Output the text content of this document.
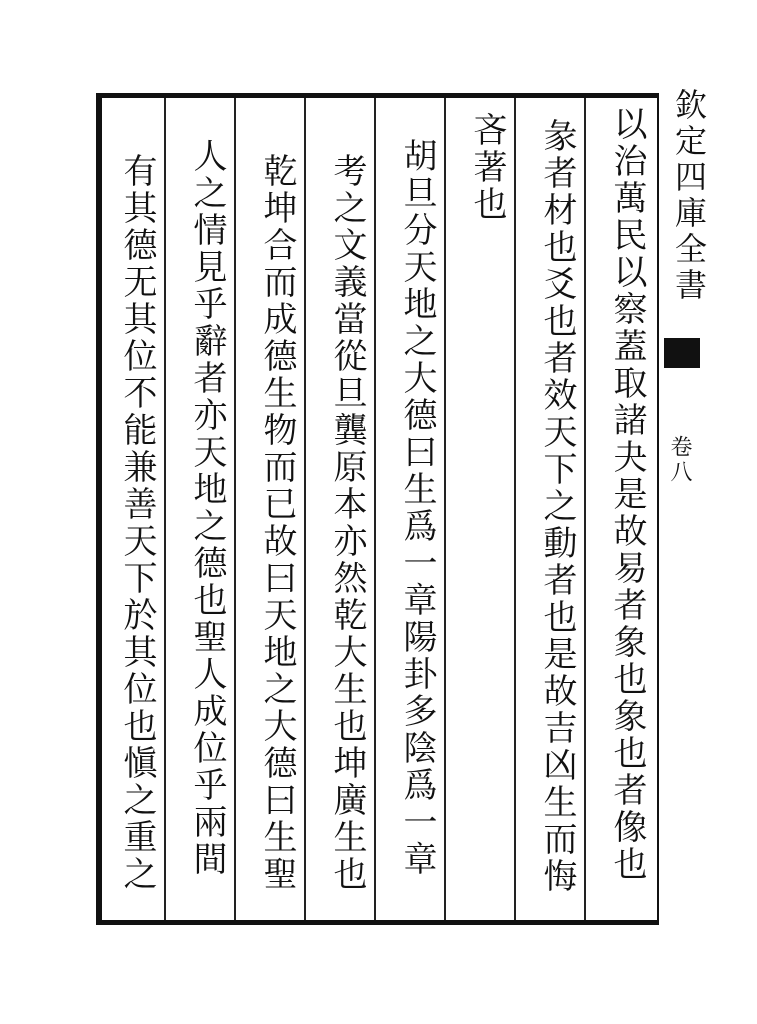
欽定四庫全書
卷八
以治萬民以察蓋取諸夬是故易者象也象也者像也
彖者材也爻也者效天下之動者也是故吉凶生而悔
吝著也
胡旦分天地之大德曰生爲一章陽卦多陰爲一章
考之文義當從旦龔原本亦然乾大生也坤廣生也
乾坤合而成德生物而已故曰天地之大德曰生聖
人之情見乎辭者亦天地之德也聖人成位乎兩間
有其德无其位不能兼善天下於其位也愼之重之
